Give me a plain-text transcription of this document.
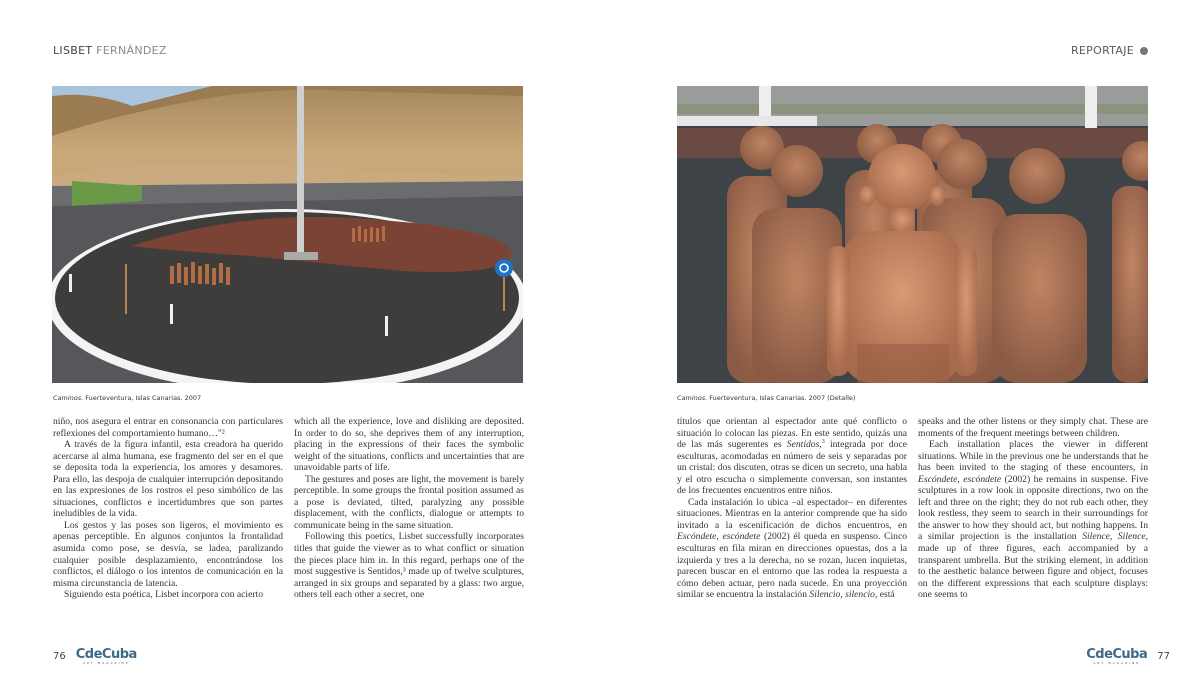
LISBET FERNÁNDEZ
Caminos. Fuerteventura, Islas Canarias. 2007

niño, nos asegura el entrar en consonancia con particulares reflexiones del comportamiento humano…"²

A través de la figura infantil, esta creadora ha querido acercarse al alma humana, ese fragmento del ser en el que se deposita toda la experiencia, los amores y desamores. Para ello, las despoja de cualquier interrupción depositando en las expresiones de los rostros el peso simbólico de las situaciones, conflictos e incertidumbres que son partes ineludibles de la vida.

Los gestos y las poses son ligeros, el movimiento es apenas perceptible. En algunos conjuntos la frontalidad asumida como pose, se desvía, se ladea, paralizando cualquier posible desplazamiento, encontrándose los conflictos, el diálogo o los intentos de comunicación en la misma circunstancia de latencia.

Siguiendo esta poética, Lisbet incorpora con acierto

which all the experience, love and disliking are deposited. In order to do so, she deprives them of any interruption, placing in the expressions of their faces the symbolic weight of the situations, conflicts and uncertainties that are unavoidable parts of life.

The gestures and poses are light, the movement is barely perceptible. In some groups the frontal position assumed as a pose is deviated, tilted, paralyzing any possible displacement, with the conflicts, dialogue or attempts to communicate being in the same situation.

Following this poetics, Lisbet successfully incorporates titles that guide the viewer as to what conflict or situation the pieces place him in. In this regard, perhaps one of the most suggestive is Sentidos,³ made up of twelve sculptures, arranged in six groups and separated by a glass: two argue, others tell each other a secret, one

76 CdeCuba
ART MAGAZINE
REPORTAJE
Caminos. Fuerteventura, Islas Canarias. 2007 (Detalle)

títulos que orientan al espectador ante qué conflicto o situación lo colocan las piezas. En este sentido, quizás una de las más sugerentes es Sentidos,$^3$ integrada por doce esculturas, acomodadas en número de seis y separadas por un cristal: dos discuten, otras se dicen un secreto, una habla y el otro escucha o simplemente conversan, son instantes de los frecuentes encuentros entre niños.

Cada instalación lo ubica –al espectador– en diferentes situaciones. Mientras en la anterior comprende que ha sido invitado a la escenificación de dichos encuentros, en Escóndete, escóndete (2002) él queda en suspenso. Cinco esculturas en fila miran en direcciones opuestas, dos a la izquierda y tres a la derecha, no se rozan, lucen inquietas, parecen buscar en el entorno que las rodea la respuesta a cómo deben actuar, pero nada sucede. En una proyección similar se encuentra la instalación Silencio, silencio, está

speaks and the other listens or they simply chat. These are moments of the frequent meetings between children.

Each installation places the viewer in different situations. While in the previous one he understands that he has been invited to the staging of these encounters, in Escóndete, escóndete (2002) he remains in suspense. Five sculptures in a row look in opposite directions, two on the left and three on the right; they do not rub each other, they look restless, they seem to search in their surroundings for the answer to how they should act, but nothing happens. In a similar projection is the installation Silence, Silence, made up of three figures, each accompanied by a transparent umbrella. But the striking element, in addition to the aesthetic balance between figure and object, focuses on the different expressions that each sculpture displays: one seems to

CdeCuba
ART MAGAZINE
77
